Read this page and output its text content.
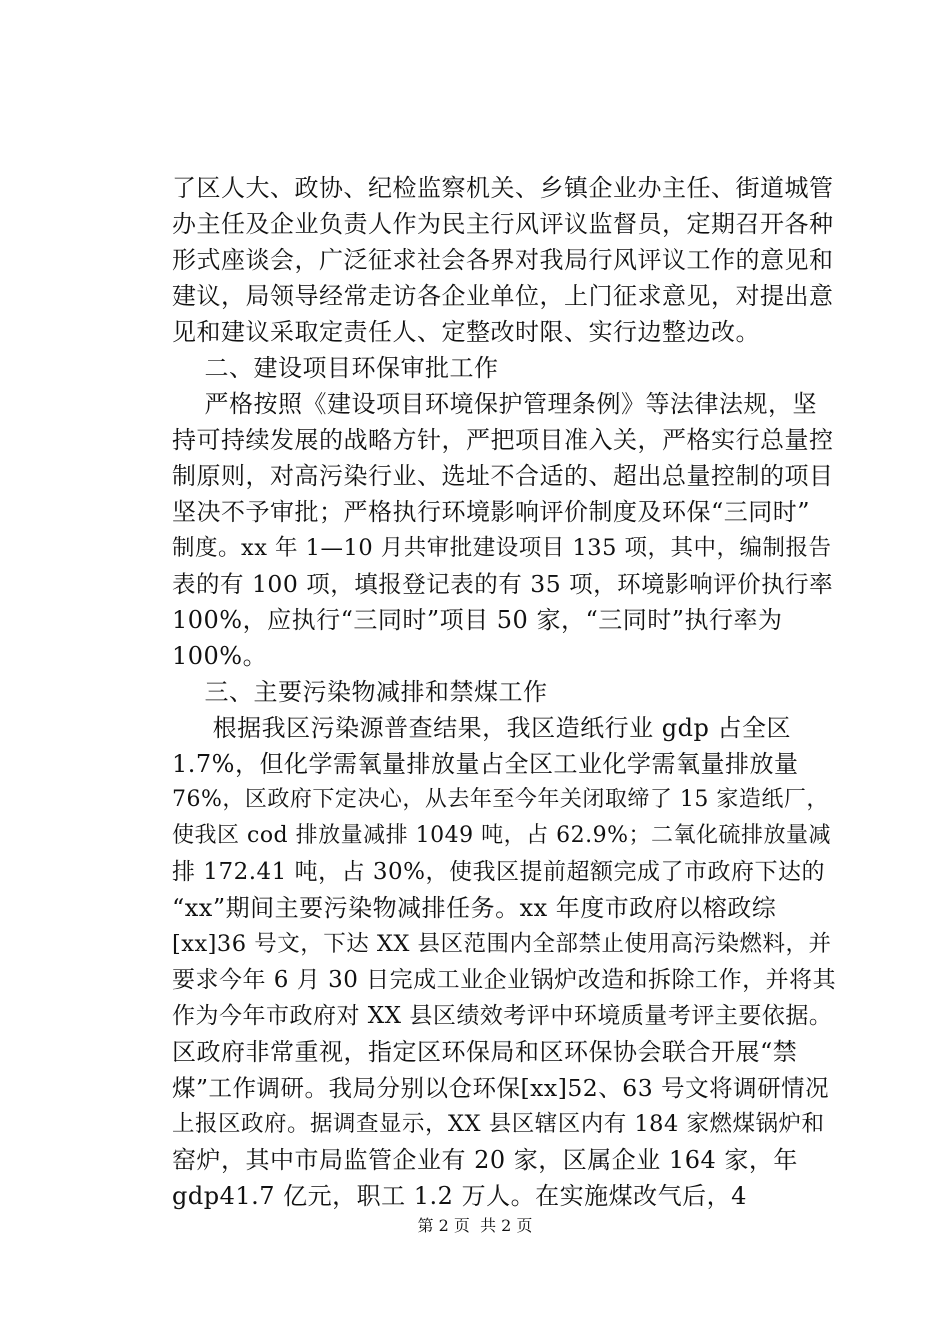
了区人大、政协、纪检监察机关、乡镇企业办主任、街道城管
办主任及企业负责人作为民主行风评议监督员，定期召开各种
形式座谈会，广泛征求社会各界对我局行风评议工作的意见和
建议，局领导经常走访各企业单位，上门征求意见，对提出意
见和建议采取定责任人、定整改时限、实行边整边改。
二、建设项目环保审批工作
严格按照《建设项目环境保护管理条例》等法律法规，坚
持可持续发展的战略方针，严把项目准入关，严格实行总量控
制原则，对高污染行业、选址不合适的、超出总量控制的项目
坚决不予审批；严格执行环境影响评价制度及环保“三同时”
制度。xx 年 1—10 月共审批建设项目 135 项，其中，编制报告
表的有 100 项，填报登记表的有 35 项，环境影响评价执行率
100%，应执行“三同时”项目 50 家，“三同时”执行率为
100%。
三、主要污染物减排和禁煤工作
根据我区污染源普查结果，我区造纸行业 gdp 占全区
1.7%，但化学需氧量排放量占全区工业化学需氧量排放量
76%，区政府下定决心，从去年至今年关闭取缔了 15 家造纸厂，
使我区 cod 排放量减排 1049 吨，占 62.9%；二氧化硫排放量减
排 172.41 吨，占 30%，使我区提前超额完成了市政府下达的
“xx”期间主要污染物减排任务。xx 年度市政府以榕政综
[xx]36 号文，下达 XX 县区范围内全部禁止使用高污染燃料，并
要求今年 6 月 30 日完成工业企业锅炉改造和拆除工作，并将其
作为今年市政府对 XX 县区绩效考评中环境质量考评主要依据。
区政府非常重视，指定区环保局和区环保协会联合开展“禁
煤”工作调研。我局分别以仓环保[xx]52、63 号文将调研情况
上报区政府。据调查显示，XX 县区辖区内有 184 家燃煤锅炉和
窑炉，其中市局监管企业有 20 家，区属企业 164 家，年
gdp41.7 亿元，职工 1.2 万人。在实施煤改气后，4
第 2 页  共 2 页
